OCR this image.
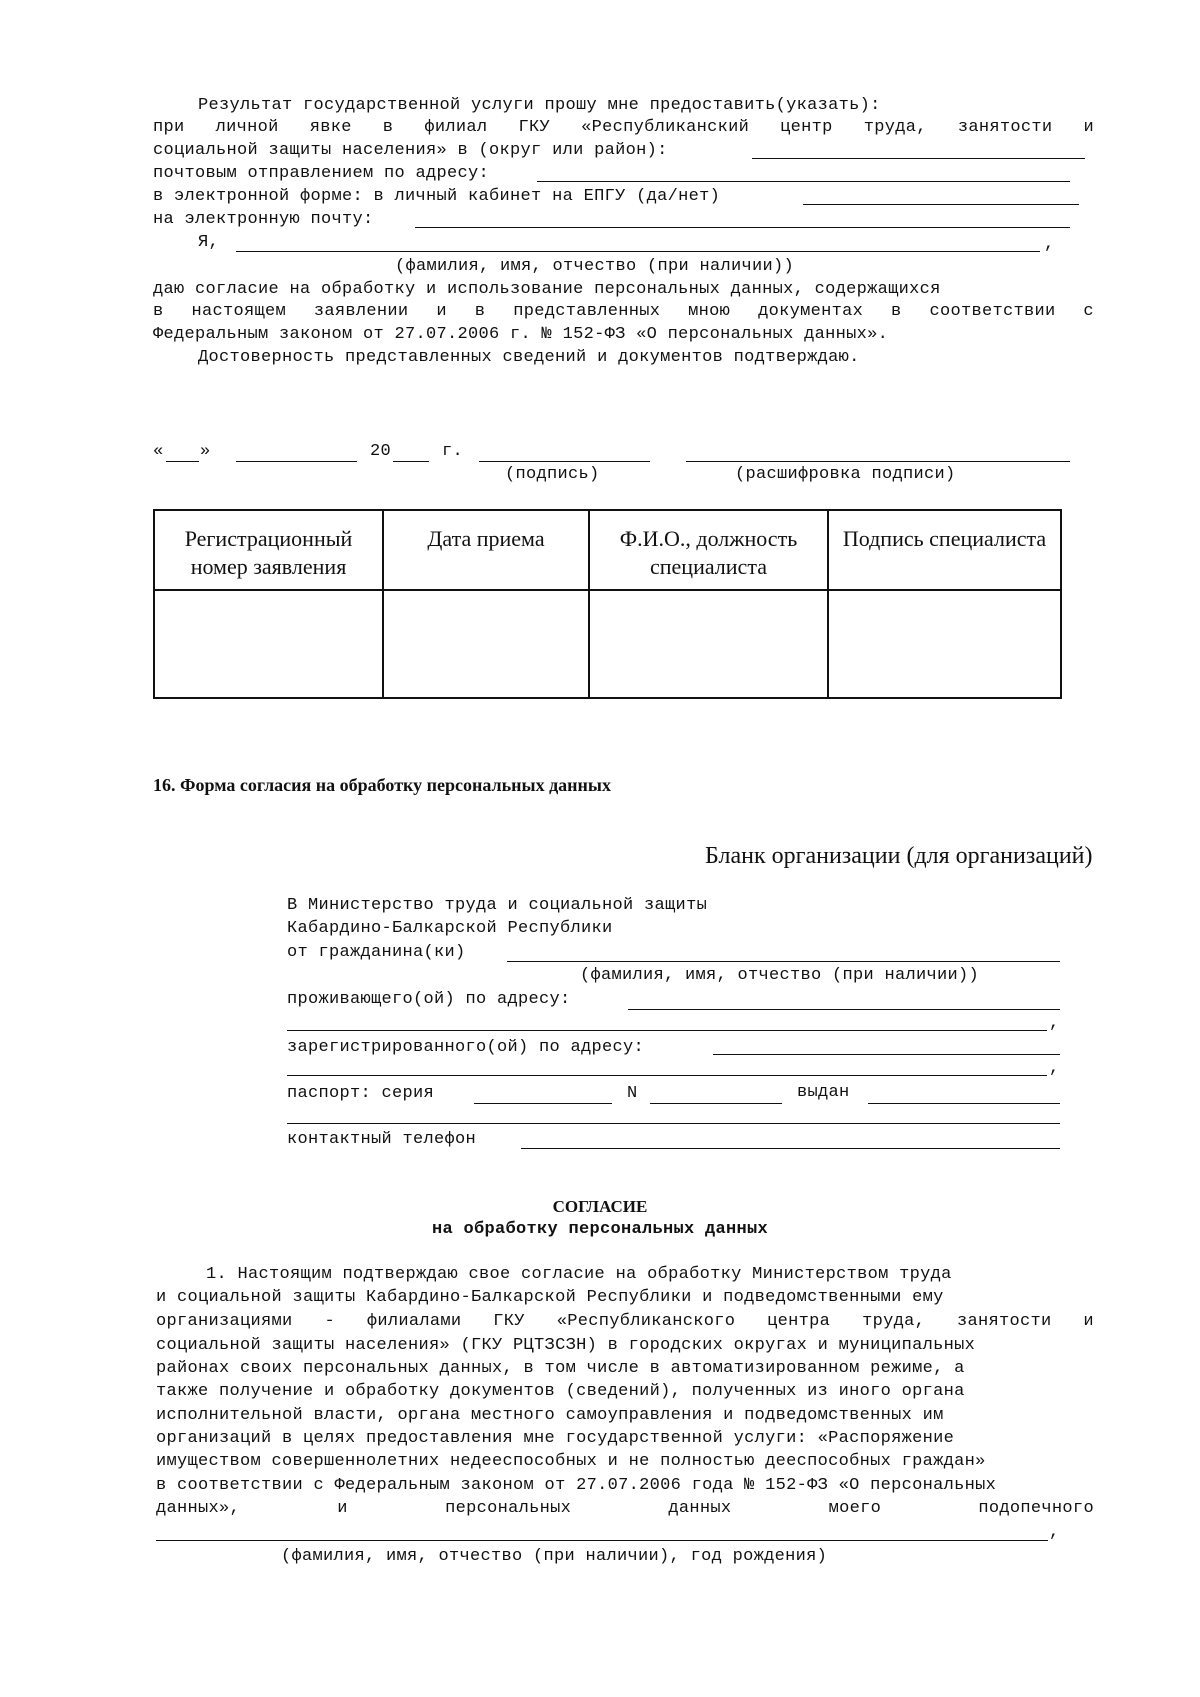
Результат государственной услуги прошу мне предоставить(указать):
при личной явке в филиал ГКУ «Республиканский центр труда, занятости и
социальной защиты населения» в (округ или район):
почтовым отправлением по адресу:
в электронной форме: в личный кабинет на ЕПГУ (да/нет)
на электронную почту:
Я,	,
(фамилия, имя, отчество (при наличии))
даю согласие на обработку и использование персональных данных, содержащихся
в настоящем заявлении и в представленных мною документах в соответствии с
Федеральным законом от 27.07.2006 г. № 152-ФЗ «О персональных данных».
Достоверность представленных сведений и документов подтверждаю.
« »	20	г.
(подпись)	(расшифровка подписи)
Регистрационный номер заявления	Дата приема	Ф.И.О., должность специалиста	Подпись специалиста

16. Форма согласия на обработку персональных данных
Бланк организации (для организаций)
В Министерство труда и социальной защиты
Кабардино-Балкарской Республики
от гражданина(ки)
(фамилия, имя, отчество (при наличии))
проживающего(ой) по адресу:
,
зарегистрированного(ой) по адресу:
,
паспорт: серия	N	выдан
контактный телефон
СОГЛАСИЕ
на обработку персональных данных
1. Настоящим подтверждаю свое согласие на обработку Министерством труда
и социальной защиты Кабардино-Балкарской Республики и подведомственными ему
организациями - филиалами ГКУ «Республиканского центра труда, занятости и
социальной защиты населения» (ГКУ РЦТЗСЗН) в городских округах и муниципальных
районах своих персональных данных, в том числе в автоматизированном режиме, а
также получение и обработку документов (сведений), полученных из иного органа
исполнительной власти, органа местного самоуправления и подведомственных им
организаций в целях предоставления мне государственной услуги: «Распоряжение
имуществом совершеннолетних недееспособных и не полностью дееспособных граждан»
в соответствии с Федеральным законом от 27.07.2006 года № 152-ФЗ «О персональных
данных»,	и	персональных	данных	моего	подопечного
,
(фамилия, имя, отчество (при наличии), год рождения)
